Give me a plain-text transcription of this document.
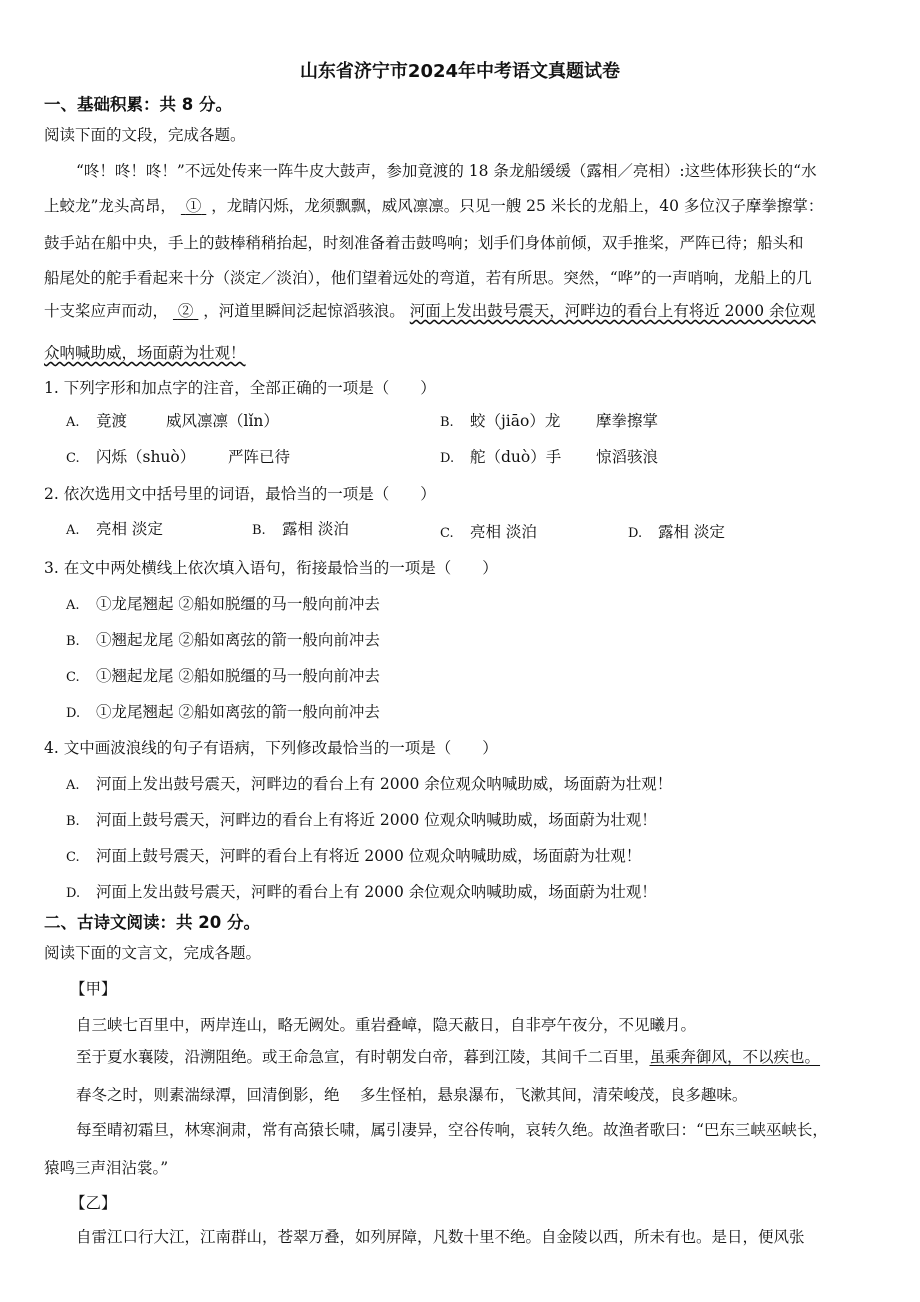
山东省济宁市2024年中考语文真题试卷
一、基础积累：共 8 分。
阅读下面的文段，完成各题。
“咚！咚！咚！”不远处传来一阵牛皮大鼓声，参加竟渡的 18 条龙船缓缓（露相／亮相）:这些体形狭长的“水
上蛟龙”龙头高昂， ① ，龙睛闪烁，龙须飘飘，威风凛凛。只见一艘 25 米长的龙船上，40 多位汉子摩拳擦掌：
鼓手站在船中央，手上的鼓棒稍稍抬起，时刻准备着击鼓鸣响；划手们身体前倾，双手推桨，严阵已待；船头和
船尾处的舵手看起来十分（淡定／淡泊），他们望着远处的弯道，若有所思。突然，“哗”的一声哨响，龙船上的几
十支桨应声而动， ② ，河道里瞬间泛起惊滔骇浪。 河面上发出鼓号震天，河畔边的看台上有将近 2000 余位观
众呐喊助威，场面蔚为壮观！
1. 下列字形和加点字的注音，全部正确的一项是（　　）
A. 竟渡	威风凛凛（lǐn）	B. 蛟（jiāo）龙 摩拳擦掌
C. 闪烁（shuò） 严阵已待	D. 舵（duò）手 惊滔骇浪
2. 依次选用文中括号里的词语，最恰当的一项是（　　）
A. 亮相 淡定	B. 露相 淡泊	C. 亮相 淡泊	D. 露相 淡定
3. 在文中两处横线上依次填入语句，衔接最恰当的一项是（　　）
A. ①龙尾翘起 ②船如脱缰的马一般向前冲去
B. ①翘起龙尾 ②船如离弦的箭一般向前冲去
C. ①翘起龙尾 ②船如脱缰的马一般向前冲去
D. ①龙尾翘起 ②船如离弦的箭一般向前冲去
4. 文中画波浪线的句子有语病，下列修改最恰当的一项是（　　）
A. 河面上发出鼓号震天，河畔边的看台上有 2000 余位观众呐喊助威，场面蔚为壮观！
B. 河面上鼓号震天，河畔边的看台上有将近 2000 位观众呐喊助威，场面蔚为壮观！
C. 河面上鼓号震天，河畔的看台上有将近 2000 位观众呐喊助威，场面蔚为壮观！
D. 河面上发出鼓号震天，河畔的看台上有 2000 余位观众呐喊助威，场面蔚为壮观！
二、古诗文阅读：共 20 分。
阅读下面的文言文，完成各题。
【甲】
自三峡七百里中，两岸连山，略无阙处。重岩叠嶂，隐天蔽日，自非亭午夜分，不见曦月。
至于夏水襄陵，沿溯阻绝。或王命急宣，有时朝发白帝，暮到江陵，其间千二百里，虽乘奔御风，不以疾也。
春冬之时，则素湍绿潭，回清倒影，绝 　多生怪柏，悬泉瀑布，飞漱其间，清荣峻茂，良多趣味。
每至晴初霜旦，林寒涧肃，常有高猿长啸，属引凄异，空谷传响，哀转久绝。故渔者歌曰：“巴东三峡巫峡长，
猿鸣三声泪沾裳。”
【乙】
自雷江口行大江，江南群山，苍翠万叠，如列屏障，凡数十里不绝。自金陵以西，所未有也。是日，便风张
